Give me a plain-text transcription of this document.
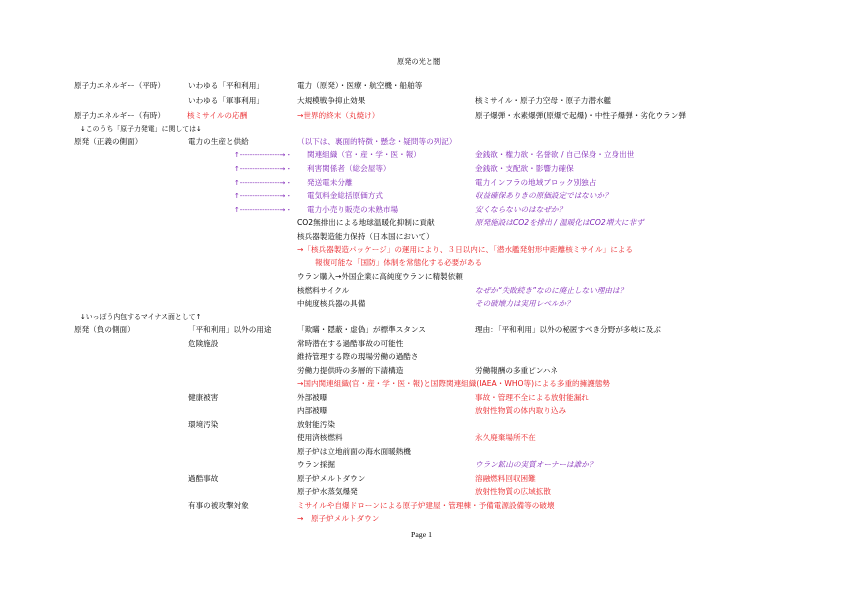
原発の光と闇
原子力エネルギー（平時）	いわゆる「平和利用」	電力（原発）・医療・航空機・船舶等
いわゆる「軍事利用」	大規模戦争抑止効果	核ミサイル・原子力空母・原子力潜水艦
原子力エネルギー（有時）	核ミサイルの応酬	→世界的終末（丸焼け）	原子爆弾・水素爆弾(原爆で起爆)・中性子爆弾・劣化ウラン弾
↓このうち「原子力発電」に関しては↓
原発（正義の側面）	電力の生産と供給	（以下は、裏面的特徴・懸念・疑問等の列記）
↑----------------→・ 関連組織（官・産・学・医・報）	金銭欲・権力欲・名誉欲 / 自己保身・立身出世
↑----------------→・ 利害関係者（総会屋等）	金銭欲・支配欲・影響力確保
↑----------------→・ 発送電未分離	電力インフラの地域ブロック別独占
↑----------------→・ 電気料金総括原価方式	収益確保ありきの原価設定ではないか？
↑----------------→・ 電力小売り販売の未熟市場	安くならないのはなぜか？
CO2無排出による地球温暖化抑制に貢献	原発施設はCO2を排出 / 温暖化はCO2増大に非ず
核兵器製造能力保持（日本国において）
→「核兵器製造パッケージ」の運用により、３日以内に、「潜水艦発射形中距離核ミサイル」による
報復可能な「国防」体制を常態化する必要がある
ウラン購入→外国企業に高純度ウランに精製依頼
核燃料サイクル	なぜか“失敗続き”なのに廃止しない理由は？
中純度核兵器の具備	その破壊力は実用レベルか？
↓いっぽう内包するマイナス面として↑
原発（負の側面）	「平和利用」以外の用途	「欺瞞・隠蔽・虚偽」が標準スタンス	理由：「平和利用」以外の秘匿すべき分野が多岐に及ぶ
危険施設	常時潜在する過酷事故の可能性
維持管理する際の現場労働の過酷さ
労働力提供時の多層的下請構造	労働報酬の多重ピンハネ
→国内関連組織(官・産・学・医・報)と国際関連組織(IAEA・WHO等)による多重的擁護態勢
健康被害	外部被曝	事故・管理不全による放射能漏れ
内部被曝	放射性物質の体内取り込み
環境汚染	放射能汚染
使用済核燃料	永久廃棄場所不在
原子炉は立地前面の海水面暖熱機
ウラン採掘	ウラン鉱山の実質オーナーは誰か？
過酷事故	原子炉メルトダウン	溶融燃料回収困難
原子炉水蒸気爆発	放射性物質の広域拡散
有事の被攻撃対象	ミサイルや自爆ドローンによる原子炉建屋・管理棟・予備電源設備等の破壊
→　原子炉メルトダウン
Page 1
